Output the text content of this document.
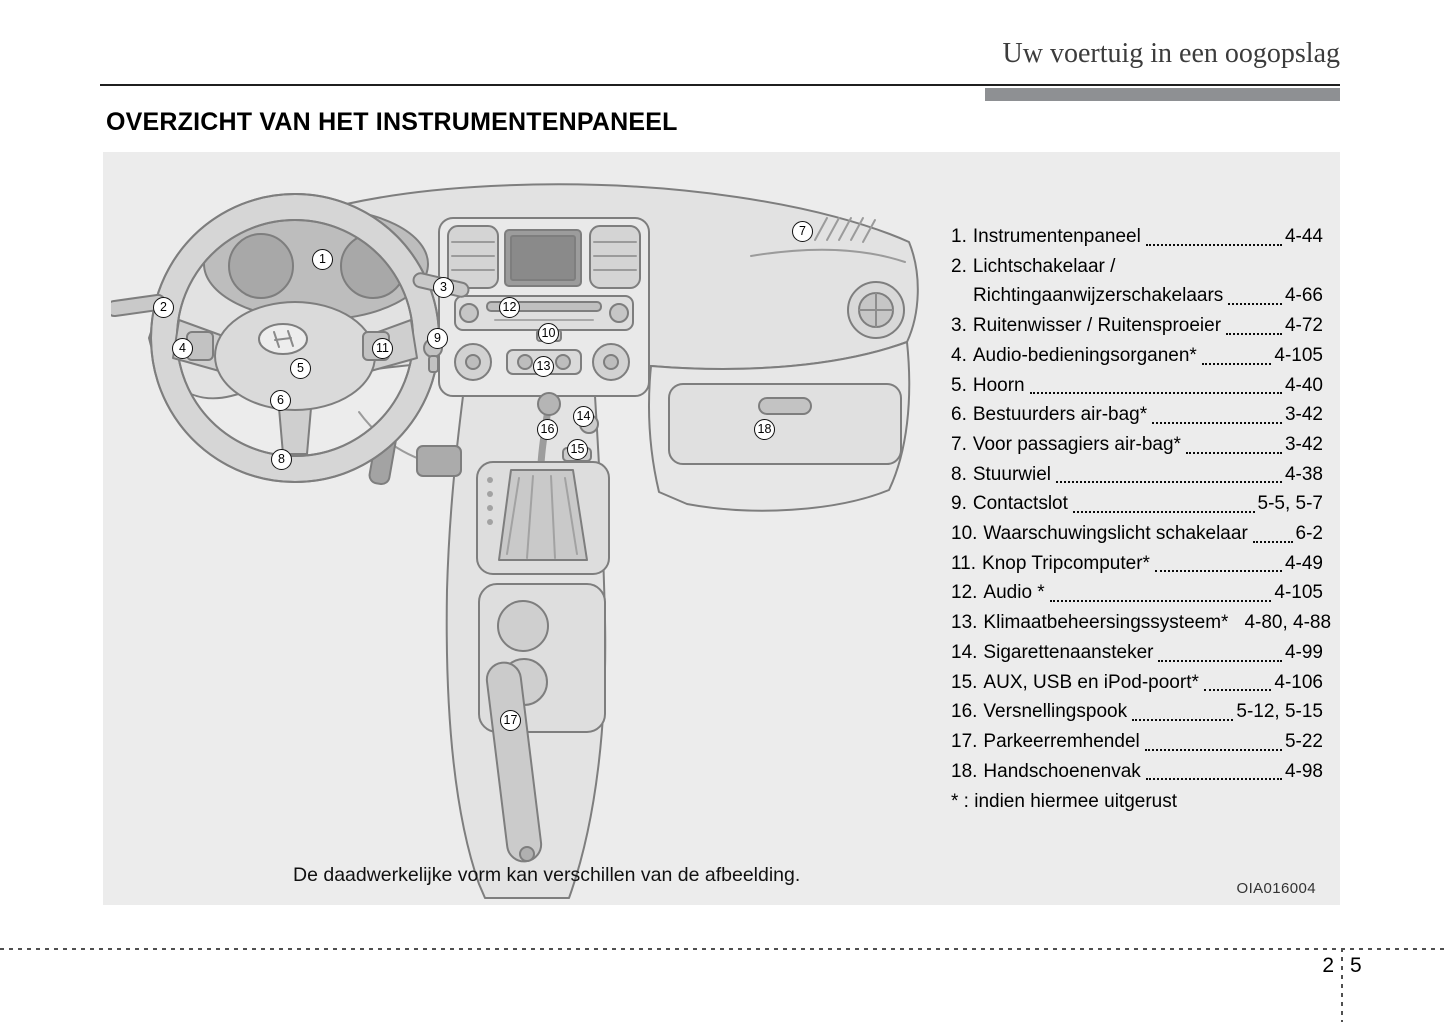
Uw voertuig in een oogopslag
OVERZICHT VAN HET INSTRUMENTENPANEEL
1
2
3
4
5
6
7
8
9	10
11
12
13
14
15
16
17
18
1. Instrumentenpaneel	4-44
2. Lichtschakelaar /
Richtingaanwijzerschakelaars	4-66
3. Ruitenwisser / Ruitensproeier	4-72
4. Audio-bedieningsorganen*	4-105
5. Hoorn	4-40
6. Bestuurders air-bag*	3-42
7. Voor passagiers air-bag*	3-42
8. Stuurwiel	4-38
9. Contactslot	5-5, 5-7
10. Waarschuwingslicht schakelaar	6-2
11. Knop Tripcomputer*	4-49
12. Audio *	4-105
13. Klimaatbeheersingssysteem* 4-80, 4-88
14. Sigarettenaansteker	4-99
15. AUX, USB en iPod-poort*	4-106
16. Versnellingspook	5-12, 5-15
17. Parkeerremhendel	5-22
18. Handschoenenvak	4-98
* : indien hiermee uitgerust
De daadwerkelijke vorm kan verschillen van de afbeelding.
OIA016004
2 5
